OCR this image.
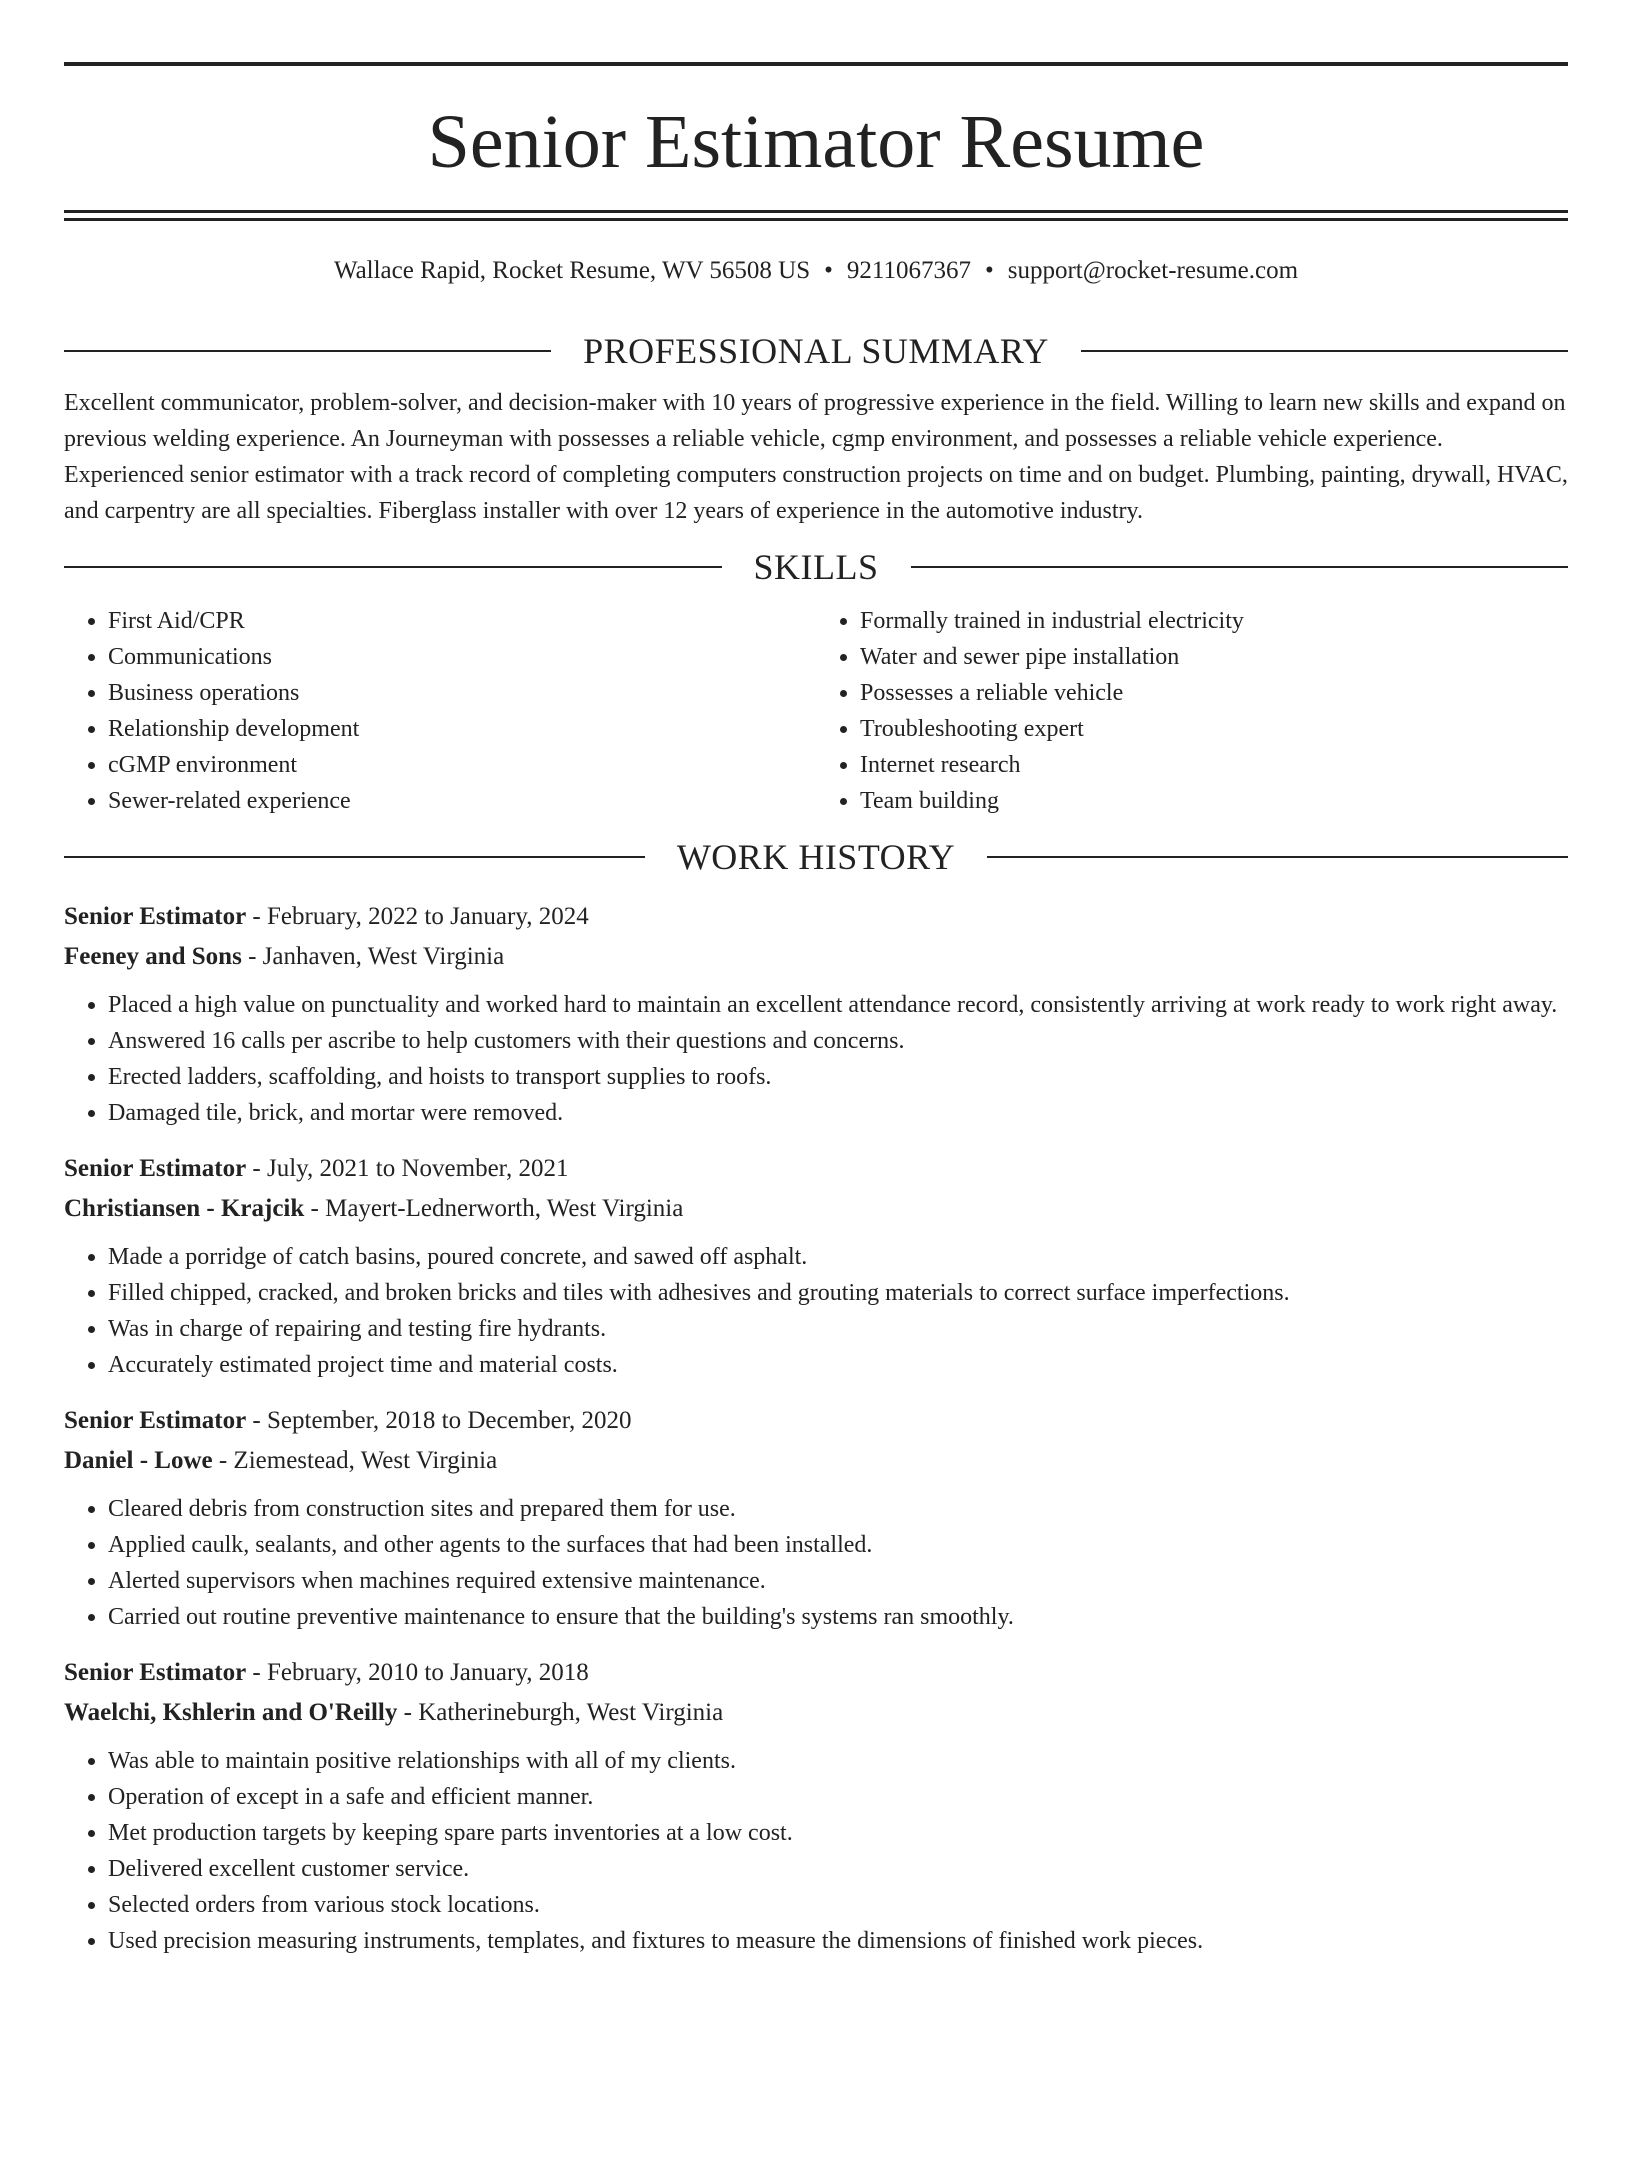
Senior Estimator Resume
Wallace Rapid, Rocket Resume, WV 56508 US • 9211067367 • support@rocket-resume.com
PROFESSIONAL SUMMARY

Excellent communicator, problem-solver, and decision-maker with 10 years of progressive experience in the field. Willing to learn new skills and expand on previous welding experience. An Journeyman with possesses a reliable vehicle, cgmp environment, and possesses a reliable vehicle experience. Experienced senior estimator with a track record of completing computers construction projects on time and on budget. Plumbing, painting, drywall, HVAC, and carpentry are all specialties. Fiberglass installer with over 12 years of experience in the automotive industry.

SKILLS
• First Aid/CPR
• Communications
• Business operations
• Relationship development
• cGMP environment
• Sewer-related experience
• Formally trained in industrial electricity
• Water and sewer pipe installation
• Possesses a reliable vehicle
• Troubleshooting expert
• Internet research
• Team building
WORK HISTORY
Senior Estimator - February, 2022 to January, 2024
Feeney and Sons - Janhaven, West Virginia
• Placed a high value on punctuality and worked hard to maintain an excellent attendance record, consistently arriving at work ready to work right away.
• Answered 16 calls per ascribe to help customers with their questions and concerns.
• Erected ladders, scaffolding, and hoists to transport supplies to roofs.
• Damaged tile, brick, and mortar were removed.
Senior Estimator - July, 2021 to November, 2021
Christiansen - Krajcik - Mayert-Lednerworth, West Virginia
• Made a porridge of catch basins, poured concrete, and sawed off asphalt.
• Filled chipped, cracked, and broken bricks and tiles with adhesives and grouting materials to correct surface imperfections.
• Was in charge of repairing and testing fire hydrants.
• Accurately estimated project time and material costs.
Senior Estimator - September, 2018 to December, 2020
Daniel - Lowe - Ziemestead, West Virginia
• Cleared debris from construction sites and prepared them for use.
• Applied caulk, sealants, and other agents to the surfaces that had been installed.
• Alerted supervisors when machines required extensive maintenance.
• Carried out routine preventive maintenance to ensure that the building's systems ran smoothly.
Senior Estimator - February, 2010 to January, 2018
Waelchi, Kshlerin and O'Reilly - Katherineburgh, West Virginia
• Was able to maintain positive relationships with all of my clients.
• Operation of except in a safe and efficient manner.
• Met production targets by keeping spare parts inventories at a low cost.
• Delivered excellent customer service.
• Selected orders from various stock locations.
• Used precision measuring instruments, templates, and fixtures to measure the dimensions of finished work pieces.
